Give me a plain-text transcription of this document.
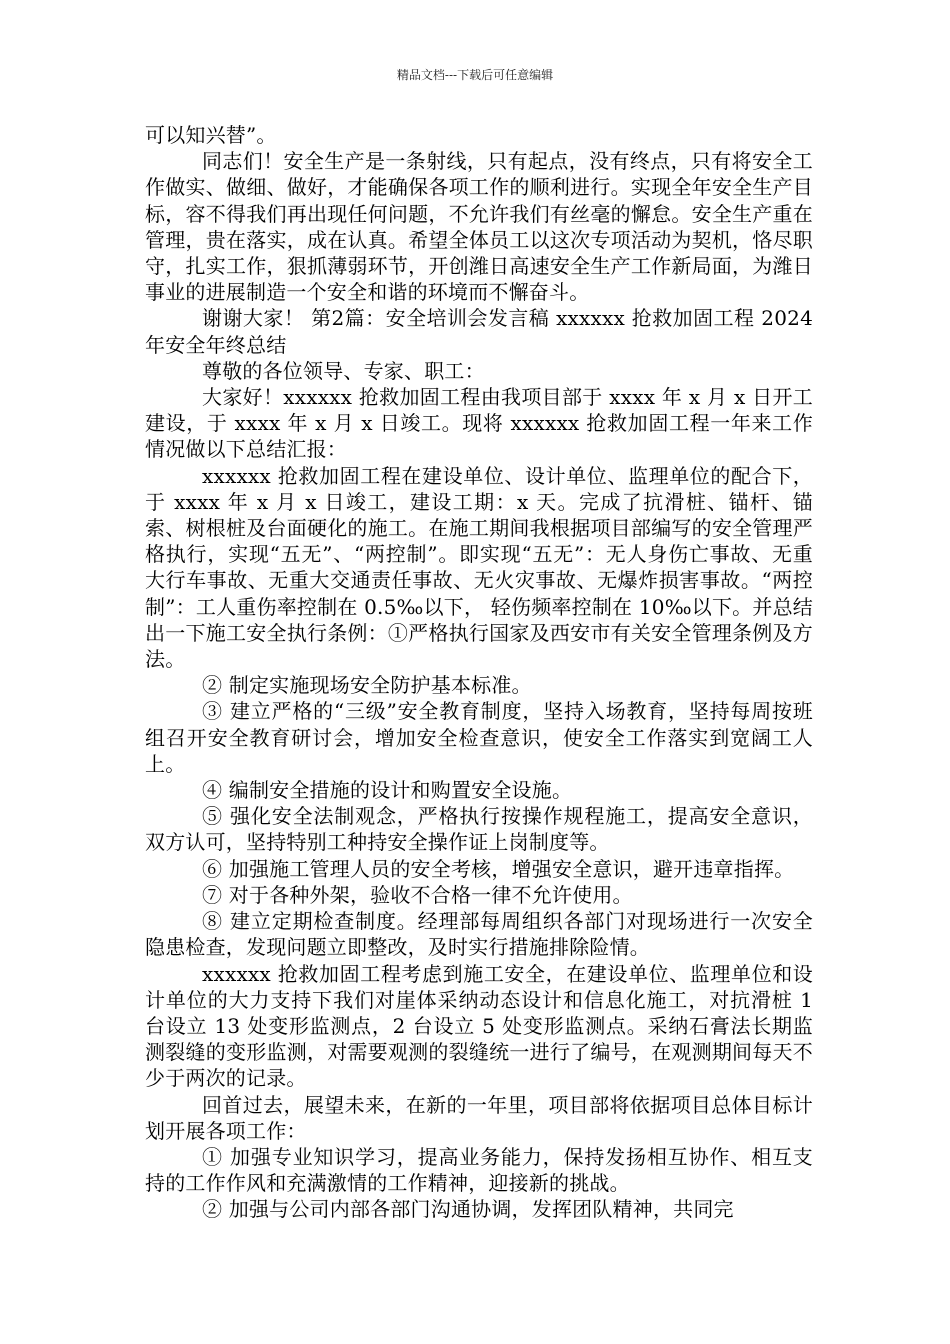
精品文档---下载后可任意编辑

可以知兴替”。

同志们！安全生产是一条射线，只有起点，没有终点，只有将安全工作做实、做细、做好，才能确保各项工作的顺利进行。实现全年安全生产目标，容不得我们再出现任何问题，不允许我们有丝毫的懈怠。安全生产重在管理，贵在落实，成在认真。希望全体员工以这次专项活动为契机，恪尽职守，扎实工作，狠抓薄弱环节，开创潍日高速安全生产工作新局面，为潍日事业的进展制造一个安全和谐的环境而不懈奋斗。

谢谢大家！ 第2篇：安全培训会发言稿 xxxxxx 抢救加固工程 2024年安全年终总结

尊敬的各位领导、专家、职工：

大家好！xxxxxx 抢救加固工程由我项目部于 xxxx 年 x 月 x 日开工建设，于 xxxx 年 x 月 x 日竣工。现将 xxxxxx 抢救加固工程一年来工作情况做以下总结汇报：

xxxxxx 抢救加固工程在建设单位、设计单位、监理单位的配合下，于 xxxx 年 x 月 x 日竣工，建设工期：x 天。完成了抗滑桩、锚杆、锚索、树根桩及台面硬化的施工。在施工期间我根据项目部编写的安全管理严格执行，实现“五无”、“两控制”。即实现“五无”：无人身伤亡事故、无重大行车事故、无重大交通责任事故、无火灾事故、无爆炸损害事故。“两控制”：工人重伤率控制在 0.5‰以下， 轻伤频率控制在 10‰以下。并总结出一下施工安全执行条例：①严格执行国家及西安市有关安全管理条例及方法。

② 制定实施现场安全防护基本标准。

③ 建立严格的“三级”安全教育制度，坚持入场教育，坚持每周按班组召开安全教育研讨会，增加安全检查意识，使安全工作落实到宽阔工人上。

④ 编制安全措施的设计和购置安全设施。

⑤ 强化安全法制观念，严格执行按操作规程施工，提高安全意识，双方认可，坚持特别工种持安全操作证上岗制度等。

⑥ 加强施工管理人员的安全考核，增强安全意识，避开违章指挥。

⑦ 对于各种外架，验收不合格一律不允许使用。

⑧ 建立定期检查制度。经理部每周组织各部门对现场进行一次安全隐患检查，发现问题立即整改，及时实行措施排除险情。

xxxxxx 抢救加固工程考虑到施工安全，在建设单位、监理单位和设计单位的大力支持下我们对崖体采纳动态设计和信息化施工，对抗滑桩 1 台设立 13 处变形监测点，2 台设立 5 处变形监测点。采纳石膏法长期监测裂缝的变形监测，对需要观测的裂缝统一进行了编号，在观测期间每天不少于两次的记录。

回首过去，展望未来，在新的一年里，项目部将依据项目总体目标计划开展各项工作：

① 加强专业知识学习，提高业务能力，保持发扬相互协作、相互支持的工作作风和充满激情的工作精神，迎接新的挑战。

② 加强与公司内部各部门沟通协调，发挥团队精神，共同完
